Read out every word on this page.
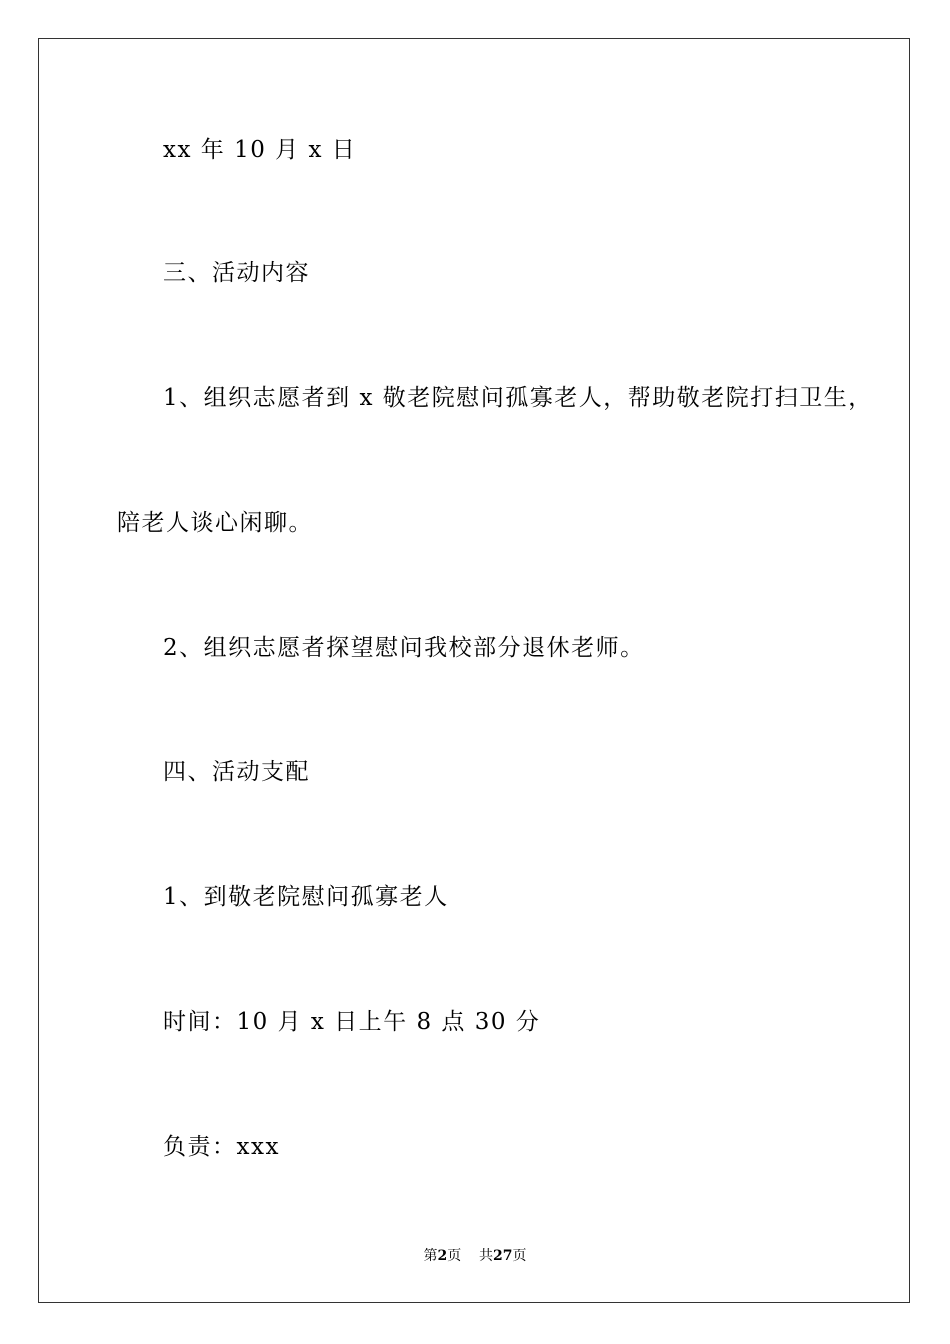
xx 年 10 月 x 日
三、活动内容
1、组织志愿者到 x 敬老院慰问孤寡老人，帮助敬老院打扫卫生，
陪老人谈心闲聊。
2、组织志愿者探望慰问我校部分退休老师。
四、活动支配
1、到敬老院慰问孤寡老人
时间：10 月 x 日上午 8 点 30 分
负责：xxx
第2页 共27页
